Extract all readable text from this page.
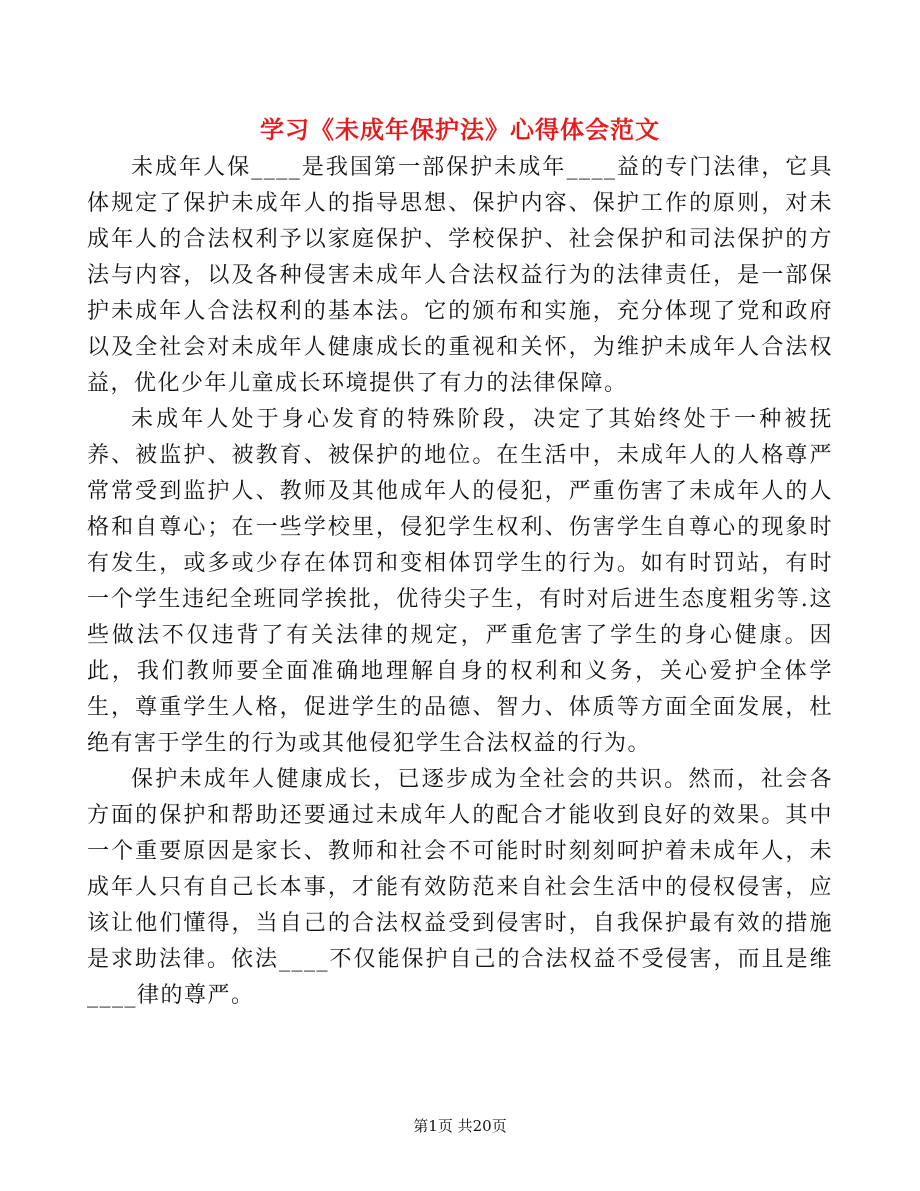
学习《未成年保护法》心得体会范文

未成年人保____是我国第一部保护未成年____益的专门法律，它具体规定了保护未成年人的指导思想、保护内容、保护工作的原则，对未成年人的合法权利予以家庭保护、学校保护、社会保护和司法保护的方法与内容，以及各种侵害未成年人合法权益行为的法律责任，是一部保护未成年人合法权利的基本法。它的颁布和实施，充分体现了党和政府以及全社会对未成年人健康成长的重视和关怀，为维护未成年人合法权益，优化少年儿童成长环境提供了有力的法律保障。

未成年人处于身心发育的特殊阶段，决定了其始终处于一种被抚养、被监护、被教育、被保护的地位。在生活中，未成年人的人格尊严常常受到监护人、教师及其他成年人的侵犯，严重伤害了未成年人的人格和自尊心；在一些学校里，侵犯学生权利、伤害学生自尊心的现象时有发生，或多或少存在体罚和变相体罚学生的行为。如有时罚站，有时一个学生违纪全班同学挨批，优待尖子生，有时对后进生态度粗劣等.这些做法不仅违背了有关法律的规定，严重危害了学生的身心健康。因此，我们教师要全面准确地理解自身的权利和义务，关心爱护全体学生，尊重学生人格，促进学生的品德、智力、体质等方面全面发展，杜绝有害于学生的行为或其他侵犯学生合法权益的行为。

保护未成年人健康成长，已逐步成为全社会的共识。然而，社会各方面的保护和帮助还要通过未成年人的配合才能收到良好的效果。其中一个重要原因是家长、教师和社会不可能时时刻刻呵护着未成年人，未成年人只有自己长本事，才能有效防范来自社会生活中的侵权侵害，应该让他们懂得，当自己的合法权益受到侵害时，自我保护最有效的措施是求助法律。依法____不仅能保护自己的合法权益不受侵害，而且是维____律的尊严。

第1页 共20页
